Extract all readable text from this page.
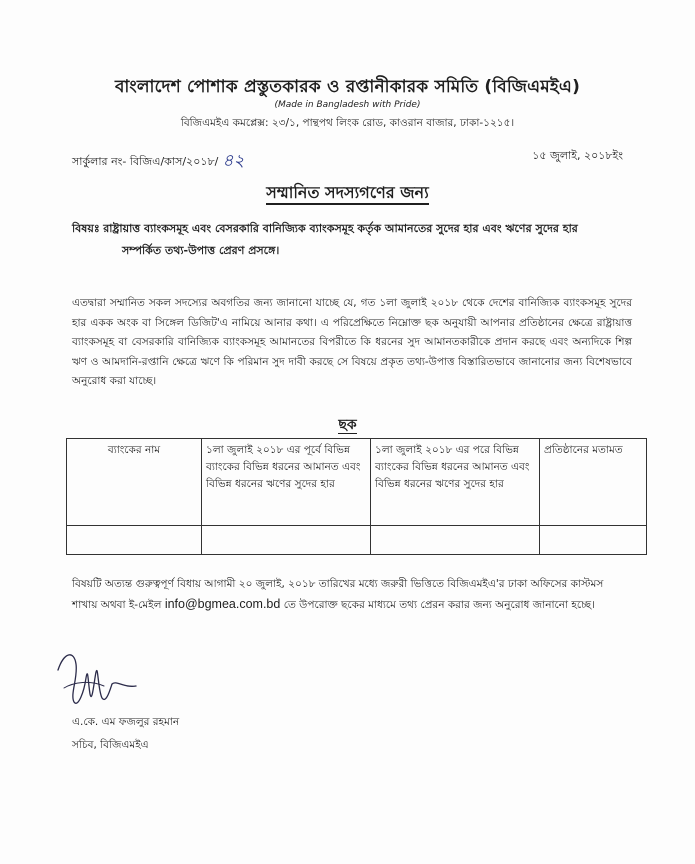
বাংলাদেশ পোশাক প্রস্তুতকারক ও রপ্তানীকারক সমিতি (বিজিএমইএ)
(Made in Bangladesh with Pride)
বিজিএমইএ কমপ্লেক্স: ২৩/১, পান্থপথ লিংক রোড, কাওরান বাজার, ঢাকা-১২১৫।
সার্কুলার নং- বিজিএ/কাস/২০১৮/ ৪২	১৫ জুলাই, ২০১৮ইং
সম্মানিত সদস্যগণের জন্য
বিষয়ঃ রাষ্ট্রায়াত্ত ব্যাংকসমূহ এবং বেসরকারি বানিজ্যিক ব্যাংকসমূহ কর্তৃক আমানতের সুদের হার এবং ঋণের সুদের হার
সম্পর্কিত তথ্য-উপাত্ত প্রেরণ প্রসঙ্গে।
এতদ্বারা সম্মানিত সকল সদস্যের অবগতির জন্য জানানো যাচ্ছে যে, গত ১লা জুলাই ২০১৮ থেকে দেশের বানিজ্যিক ব্যাংকসমূহ সুদের হার একক অংক বা সিঙ্গেল ডিজিট'এ নামিয়ে আনার কথা। এ পরিপ্রেক্ষিতে নিম্নোক্ত ছক অনুযায়ী আপনার প্রতিষ্ঠানের ক্ষেত্রে রাষ্ট্রায়াত্ত ব্যাংকসমূহ বা বেসরকারি বানিজ্যিক ব্যাংকসমূহ আমানতের বিপরীতে কি ধরনের সুদ আমানতকারীকে প্রদান করছে এবং অন্যদিকে শিল্প ঋণ ও আমদানি-রপ্তানি ক্ষেত্রে ঋণে কি পরিমান সুদ দাবী করছে সে বিষয়ে প্রকৃত তথ্য-উপাত্ত বিস্তারিতভাবে জানানোর জন্য বিশেষভাবে অনুরোধ করা যাচ্ছে।
ছক
ব্যাংকের নাম	১লা জুলাই ২০১৮ এর পূর্বে বিভিন্ন ব্যাংকের বিভিন্ন ধরনের আমানত এবং বিভিন্ন ধরনের ঋণের সুদের হার	১লা জুলাই ২০১৮ এর পরে বিভিন্ন ব্যাংকের বিভিন্ন ধরনের আমানত এবং বিভিন্ন ধরনের ঋণের সুদের হার	প্রতিষ্ঠানের মতামত

বিষয়টি অত্যন্ত গুরুত্বপূর্ণ বিধায় আগামী ২০ জুলাই, ২০১৮ তারিখের মধ্যে জরুরী ভিত্তিতে বিজিএমইএ'র ঢাকা অফিসের কাস্টমস শাখায় অথবা ই-মেইল info@bgmea.com.bd তে উপরোক্ত ছকের মাধ্যমে তথ্য প্রেরন করার জন্য অনুরোধ জানানো হচ্ছে।
এ.কে. এম ফজলুর রহমান
সচিব, বিজিএমইএ
